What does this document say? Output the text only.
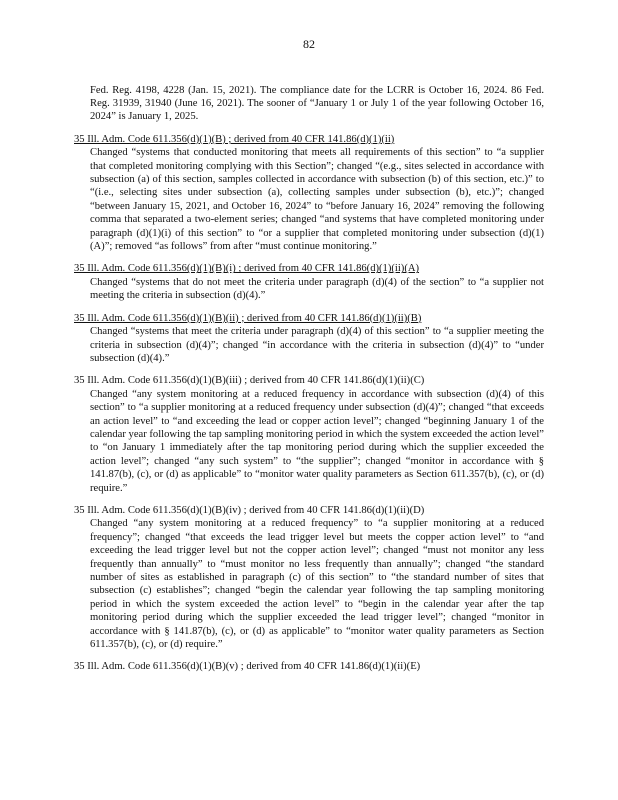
82

Fed. Reg. 4198, 4228 (Jan. 15, 2021). The compliance date for the LCRR is October 16, 2024. 86 Fed. Reg. 31939, 31940 (June 16, 2021). The sooner of “January 1 or July 1 of the year following October 16, 2024” is January 1, 2025.

35 Ill. Adm. Code 611.356(d)(1)(B) ; derived from 40 CFR 141.86(d)(1)(ii)
Changed “systems that conducted monitoring that meets all requirements of this section” to “a supplier that completed monitoring complying with this Section”; changed “(e.g., sites selected in accordance with subsection (a) of this section, samples collected in accordance with subsection (b) of this section, etc.)” to “(i.e., selecting sites under subsection (a), collecting samples under subsection (b), etc.)”; changed “between January 15, 2021, and October 16, 2024” to “before January 16, 2024” removing the following comma that separated a two-element series; changed “and systems that have completed monitoring under paragraph (d)(1)(i) of this section” to “or a supplier that completed monitoring under subsection (d)(1)(A)”; removed “as follows” from after “must continue monitoring.”
35 Ill. Adm. Code 611.356(d)(1)(B)(i) ; derived from 40 CFR 141.86(d)(1)(ii)(A)
Changed “systems that do not meet the criteria under paragraph (d)(4) of the section” to “a supplier not meeting the criteria in subsection (d)(4).”
35 Ill. Adm. Code 611.356(d)(1)(B)(ii) ; derived from 40 CFR 141.86(d)(1)(ii)(B)
Changed “systems that meet the criteria under paragraph (d)(4) of this section” to “a supplier meeting the criteria in subsection (d)(4)”; changed “in accordance with the criteria in subsection (d)(4)” to “under subsection (d)(4).”
35 Ill. Adm. Code 611.356(d)(1)(B)(iii) ; derived from 40 CFR 141.86(d)(1)(ii)(C)
Changed “any system monitoring at a reduced frequency in accordance with subsection (d)(4) of this section” to “a supplier monitoring at a reduced frequency under subsection (d)(4)”; changed “that exceeds an action level” to “and exceeding the lead or copper action level”; changed “beginning January 1 of the calendar year following the tap sampling monitoring period in which the system exceeded the action level” to “on January 1 immediately after the tap monitoring period during which the supplier exceeded the action level”; changed “any such system” to “the supplier”; changed “monitor in accordance with § 141.87(b), (c), or (d) as applicable” to “monitor water quality parameters as Section 611.357(b), (c), or (d) require.”
35 Ill. Adm. Code 611.356(d)(1)(B)(iv) ; derived from 40 CFR 141.86(d)(1)(ii)(D)
Changed “any system monitoring at a reduced frequency” to “a supplier monitoring at a reduced frequency”; changed “that exceeds the lead trigger level but meets the copper action level” to “and exceeding the lead trigger level but not the copper action level”; changed “must not monitor any less frequently than annually” to “must monitor no less frequently than annually”; changed “the standard number of sites as established in paragraph (c) of this section” to “the standard number of sites that subsection (c) establishes”; changed “begin the calendar year following the tap sampling monitoring period in which the system exceeded the action level” to “begin in the calendar year after the tap monitoring period during which the supplier exceeded the lead trigger level”; changed “monitor in accordance with § 141.87(b), (c), or (d) as applicable” to “monitor water quality parameters as Section 611.357(b), (c), or (d) require.”
35 Ill. Adm. Code 611.356(d)(1)(B)(v) ; derived from 40 CFR 141.86(d)(1)(ii)(E)
